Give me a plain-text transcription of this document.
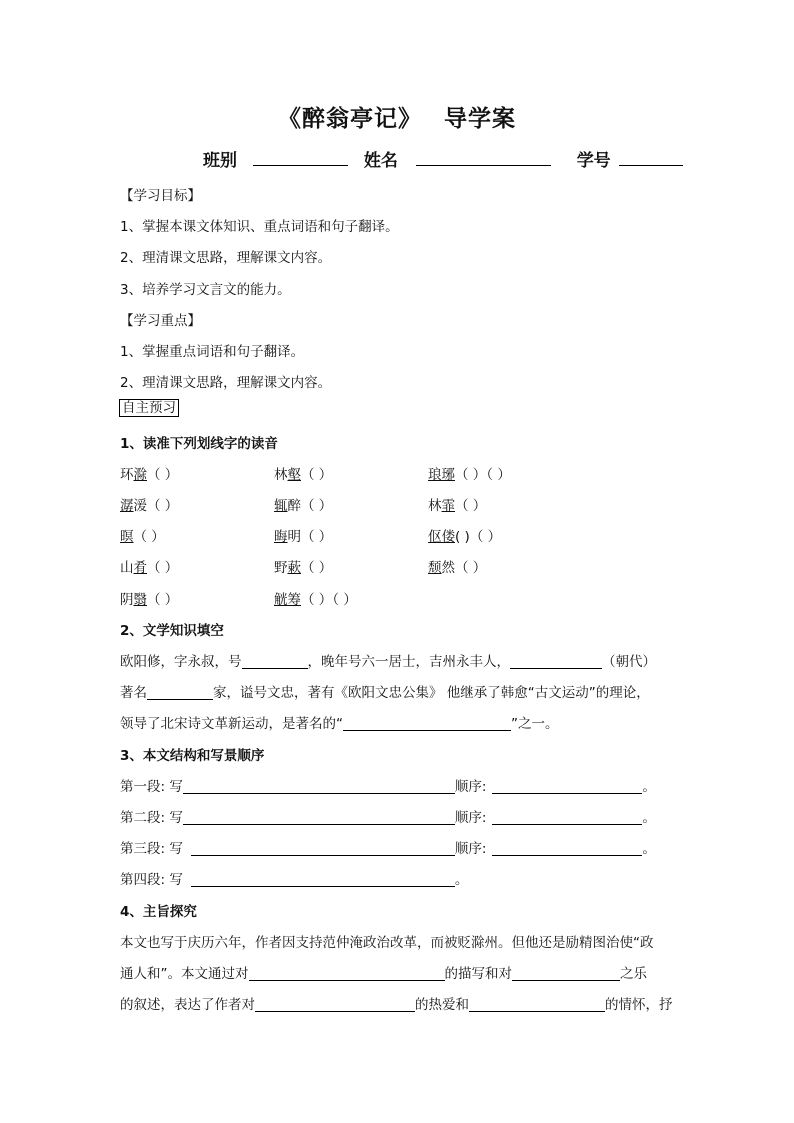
《醉翁亭记》 导学案
班别	姓名	学号
【学习目标】
1、掌握本课文体知识、重点词语和句子翻译。
2、理清课文思路，理解课文内容。
3、培养学习文言文的能力。
【学习重点】
1、掌握重点词语和句子翻译。
2、理清课文思路，理解课文内容。
自主预习
1、读准下列划线字的读音
环滁（ ）	林壑（ ）	琅琊（ ）（ ）
潺湲（ ）	辄醉（ ）	林霏（ ）
暝（ ）	晦明（ ）	伛偻( )（ ）
山肴（ ）	野蔌（ ）	颓然（ ）
阴翳（ ）	觥筹（ ）（ ）
2、文学知识填空
欧阳修，字永叔，号	，晚年号六一居士，吉州永丰人，	（朝代）
著名	家，谥号文忠，著有《欧阳文忠公集》 他继承了韩愈“古文运动”的理论，
领导了北宋诗文革新运动，是著名的“	”之一。
3、本文结构和写景顺序
第一段: 写	顺序:	。
第二段: 写	顺序:	。
第三段: 写	顺序:	。
第四段: 写	。
4、主旨探究
本文也写于庆历六年，作者因支持范仲淹政治改革，而被贬滁州。但他还是励精图治使“政
通人和”。本文通过对	的描写和对	之乐
的叙述，表达了作者对	的热爱和	的情怀，抒
